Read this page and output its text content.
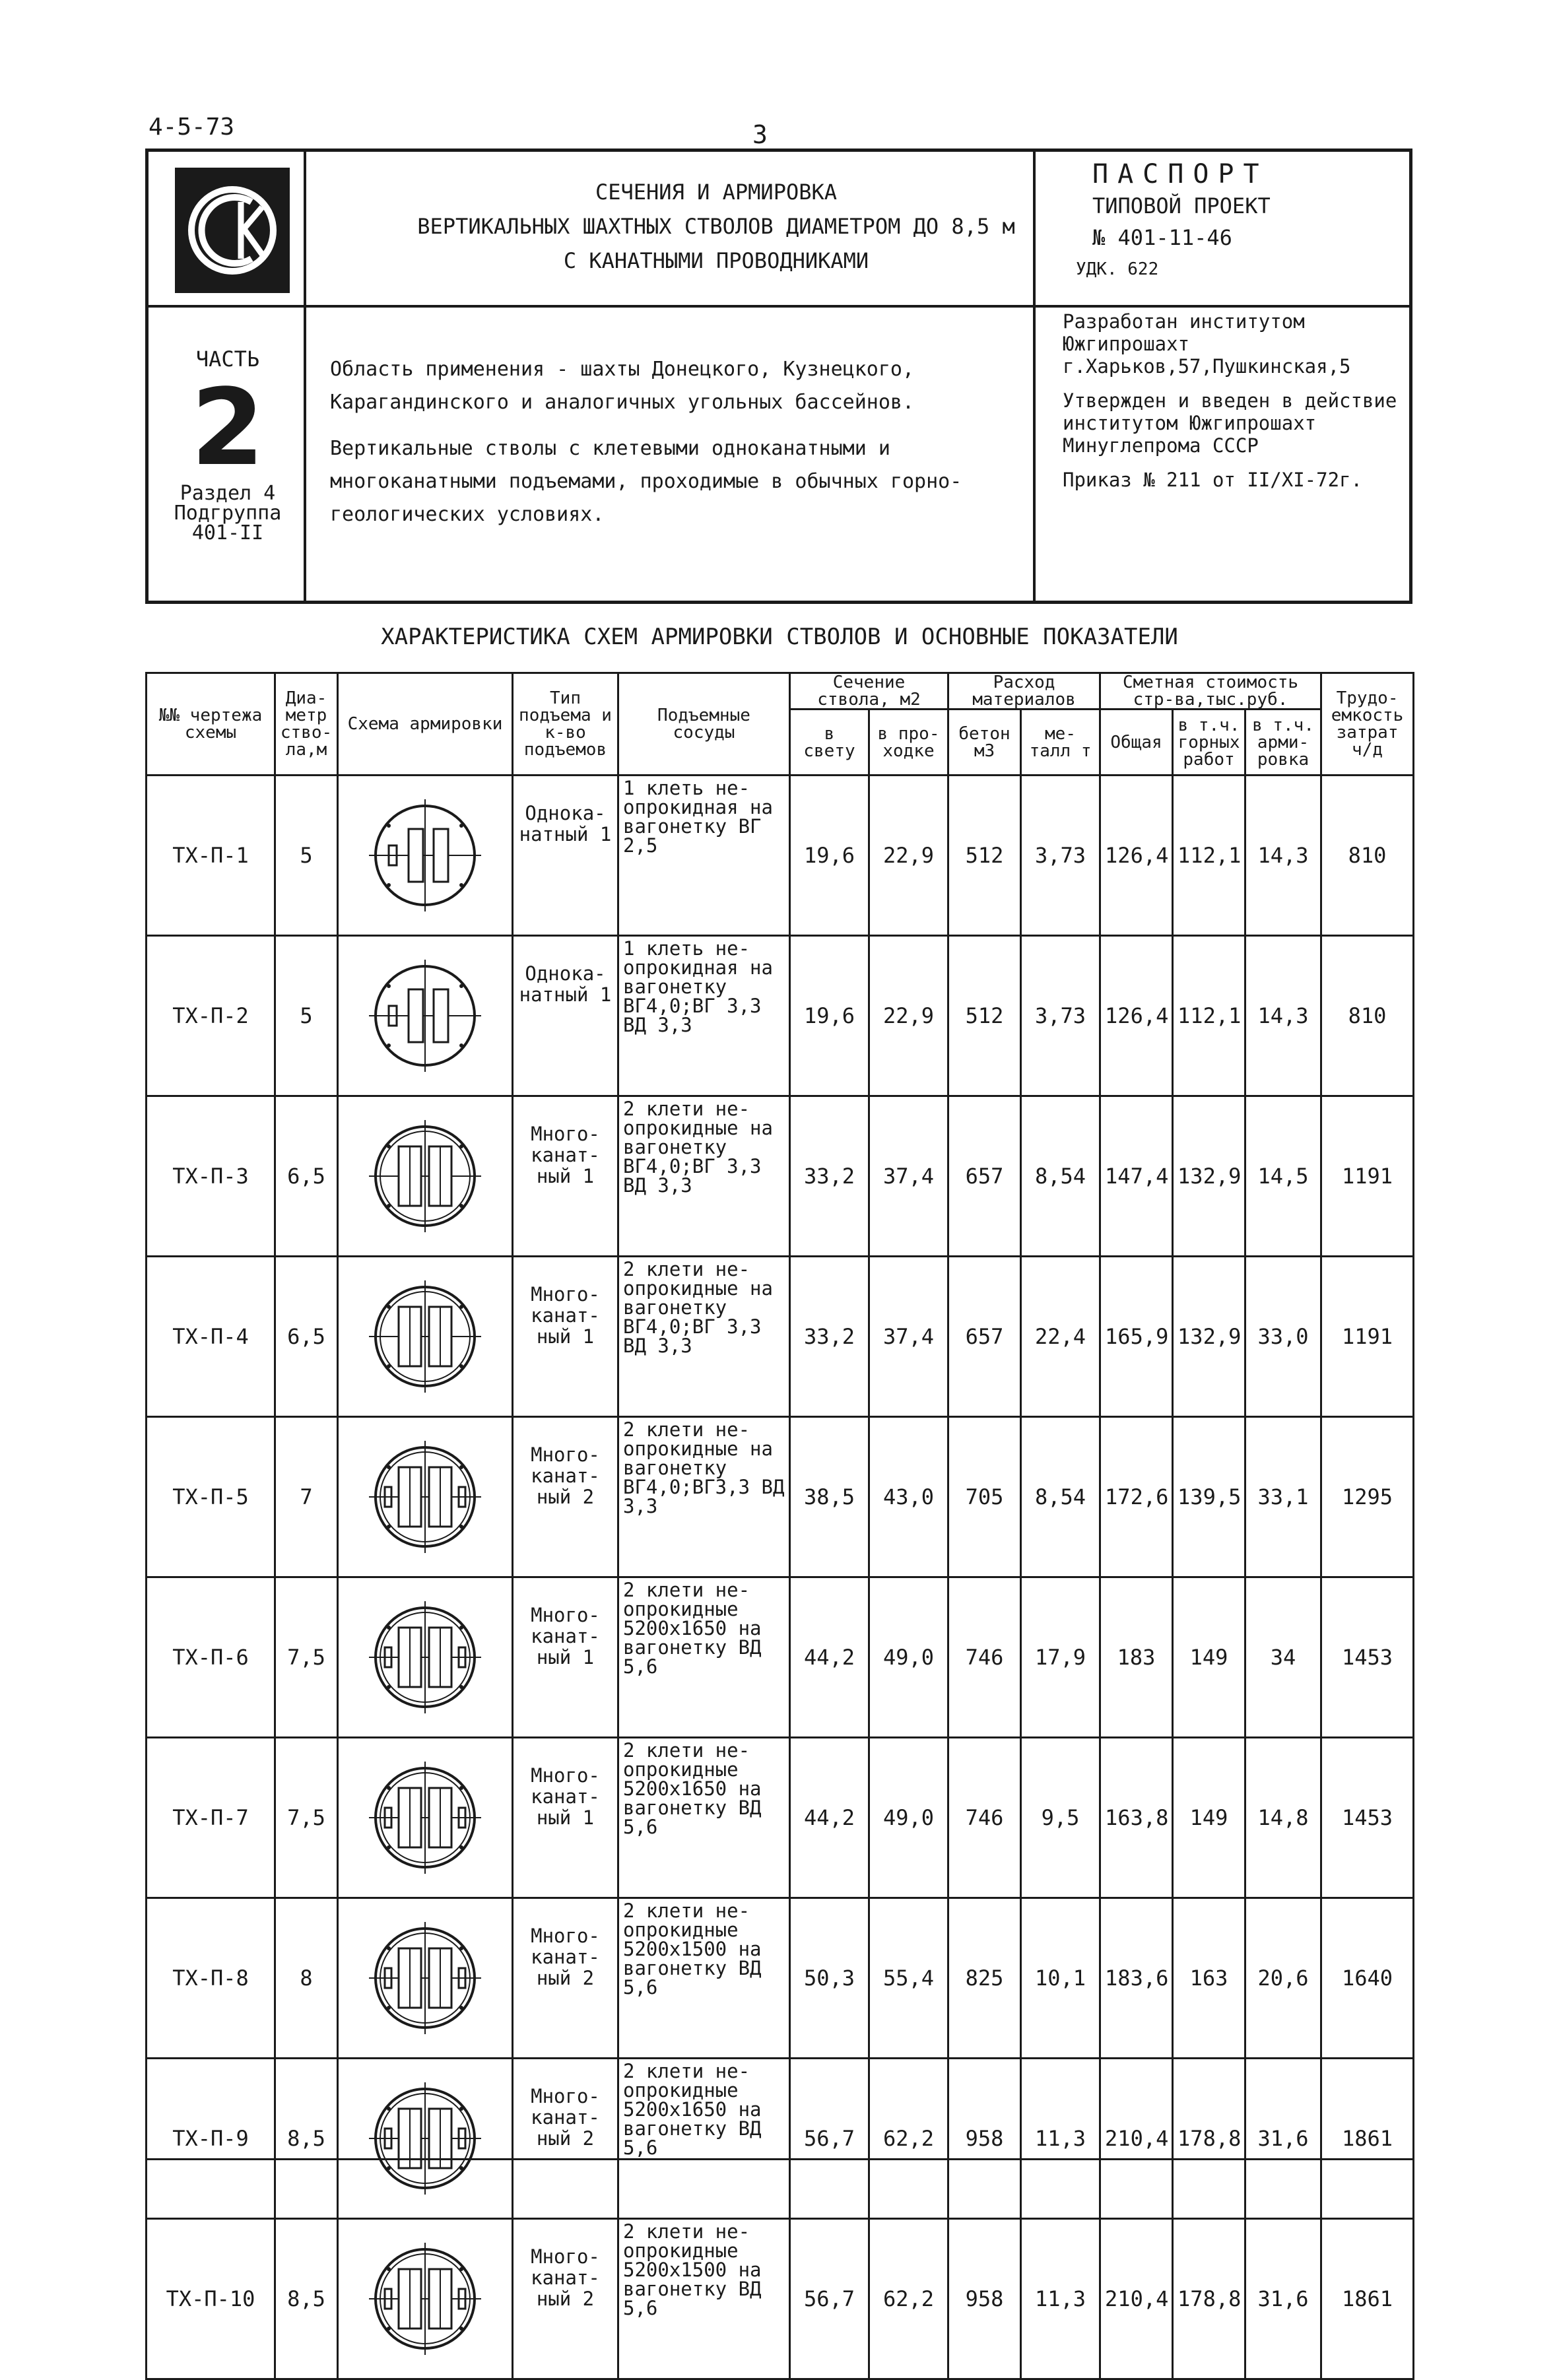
4-5-73	3
СЕЧЕНИЯ И АРМИРОВКА
ВЕРТИКАЛЬНЫХ ШАХТНЫХ СТВОЛОВ ДИАМЕТРОМ ДО 8,5 м
С КАНАТНЫМИ ПРОВОДНИКАМИ
ПАСПОРТ
ТИПОВОЙ ПРОЕКТ
№ 401-11-46
УДК. 622
ЧАСТЬ
2
Раздел 4
Подгруппа
401-II

Область применения - шахты Донецкого, Кузнецкого, Карагандинского и аналогичных угольных бассейнов.

Вертикальные стволы с клетевыми одноканатными и многоканатными подъемами, проходимые в обычных горно-геологических условиях.

Разработан институтом Южгипрошахт г.Харьков,57,Пушкинская,5

Утвержден и введен в действие институтом Южгипрошахт Минуглепрома СССР

Приказ № 211 от II/XI-72г.

ХАРАКТЕРИСТИКА СХЕМ АРМИРОВКИ СТВОЛОВ И ОСНОВНЫЕ ПОКАЗАТЕЛИ
№№ чертежа схемы	Диа- метр ство- ла,м	Схема армировки	Тип подъема и к-во подъемов	Подъемные сосуды	Сечение ствола, м2		Расход материалов		Сметная стоимость стр-ва,тыс.руб.			Трудо- емкость затрат ч/д
					в свету	в про- ходке	бетон м3	ме- талл т	Общая	в т.ч. горных работ	в т.ч. арми- ровка	
ТХ-П-1	5		Однока- натный 1	1 клеть не- опрокидная на вагонетку ВГ 2,5	19,6	22,9	512	3,73	126,4	112,1	14,3	810
ТХ-П-2	5		Однока- натный 1	1 клеть не- опрокидная на вагонетку ВГ4,0;ВГ 3,3 ВД 3,3	19,6	22,9	512	3,73	126,4	112,1	14,3	810
ТХ-П-3	6,5		Много- канат- ный 1	2 клети не- опрокидные на вагонетку ВГ4,0;ВГ 3,3 ВД 3,3	33,2	37,4	657	8,54	147,4	132,9	14,5	1191
ТХ-П-4	6,5		Много- канат- ный 1	2 клети не- опрокидные на вагонетку ВГ4,0;ВГ 3,3 ВД 3,3	33,2	37,4	657	22,4	165,9	132,9	33,0	1191
ТХ-П-5	7		Много- канат- ный 2	2 клети не- опрокидные на вагонетку ВГ4,0;ВГ3,3 ВД 3,3	38,5	43,0	705	8,54	172,6	139,5	33,1	1295
ТХ-П-6	7,5		Много- канат- ный 1	2 клети не- опрокидные 5200х1650 на вагонетку ВД 5,6	44,2	49,0	746	17,9	183	149	34	1453
ТХ-П-7	7,5		Много- канат- ный 1	2 клети не- опрокидные 5200х1650 на вагонетку ВД 5,6	44,2	49,0	746	9,5	163,8	149	14,8	1453
ТХ-П-8	8		Много- канат- ный 2	2 клети не- опрокидные 5200х1500 на вагонетку ВД 5,6	50,3	55,4	825	10,1	183,6	163	20,6	1640
ТХ-П-9	8,5		Много- канат- ный 2	2 клети не- опрокидные 5200х1650 на вагонетку ВД 5,6	56,7	62,2	958	11,3	210,4	178,8	31,6	1861
ТХ-П-10	8,5		Много- канат- ный 2	2 клети не- опрокидные 5200х1500 на вагонетку ВД 5,6	56,7	62,2	958	11,3	210,4	178,8	31,6	1861
